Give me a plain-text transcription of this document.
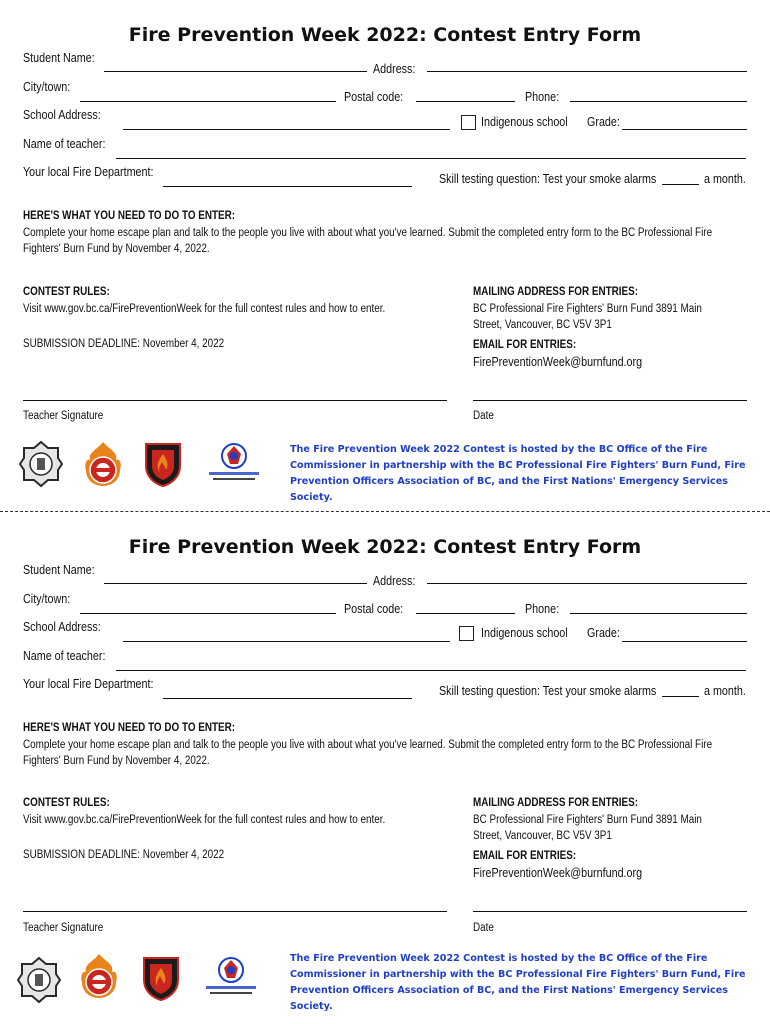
Fire Prevention Week 2022: Contest Entry Form
Student Name:
Address:
City/town:
Postal code:	Phone:
School Address:	Indigenous school Grade:
Name of teacher:
Your local Fire Department:	Skill testing question: Test your smoke alarms	a month.
HERE'S WHAT YOU NEED TO DO TO ENTER:
Complete your home escape plan and talk to the people you live with about what you've learned. Submit the completed entry form to the BC Professional Fire Fighters' Burn Fund by November 4, 2022.
CONTEST RULES:
Visit www.gov.bc.ca/FirePreventionWeek for the full contest rules and how to enter.
SUBMISSION DEADLINE: November 4, 2022
MAILING ADDRESS FOR ENTRIES:
BC Professional Fire Fighters' Burn Fund 3891 Main Street, Vancouver, BC V5V 3P1
EMAIL FOR ENTRIES:
FirePreventionWeek@burnfund.org
Teacher Signature	Date
The Fire Prevention Week 2022 Contest is hosted by the BC Office of the Fire Commissioner in partnership with the BC Professional Fire Fighters' Burn Fund, Fire Prevention Officers Association of BC, and the First Nations' Emergency Services Society.
Fire Prevention Week 2022: Contest Entry Form
Student Name:
Address:
City/town:
Postal code:	Phone:
School Address:	Indigenous school Grade:
Name of teacher:
Your local Fire Department:	Skill testing question: Test your smoke alarms	a month.
HERE'S WHAT YOU NEED TO DO TO ENTER:
Complete your home escape plan and talk to the people you live with about what you've learned. Submit the completed entry form to the BC Professional Fire Fighters' Burn Fund by November 4, 2022.
CONTEST RULES:
Visit www.gov.bc.ca/FirePreventionWeek for the full contest rules and how to enter.
SUBMISSION DEADLINE: November 4, 2022
MAILING ADDRESS FOR ENTRIES:
BC Professional Fire Fighters' Burn Fund 3891 Main Street, Vancouver, BC V5V 3P1
EMAIL FOR ENTRIES:
FirePreventionWeek@burnfund.org
Teacher Signature	Date
The Fire Prevention Week 2022 Contest is hosted by the BC Office of the Fire Commissioner in partnership with the BC Professional Fire Fighters' Burn Fund, Fire Prevention Officers Association of BC, and the First Nations' Emergency Services Society.
